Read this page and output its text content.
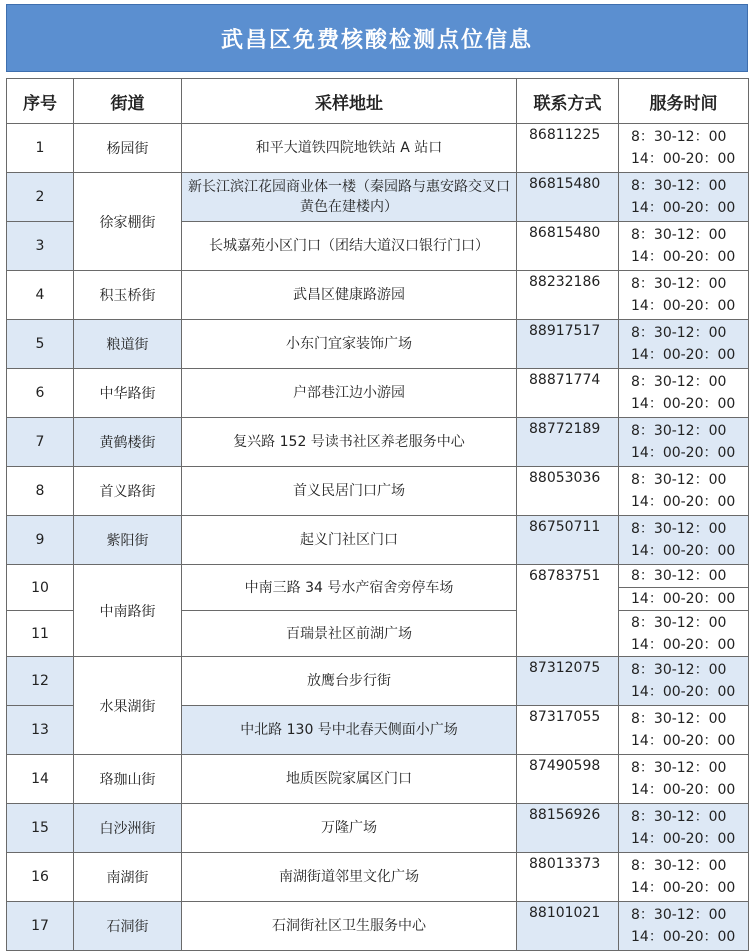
武昌区免费核酸检测点位信息
序号	街道	采样地址	联系方式	服务时间
1	杨园街	和平大道铁四院地铁站 A 站口	86811225	8：30-12：00
14：00-20：00

2	徐家棚街	新长江滨江花园商业体一楼（秦园路与惠安路交叉口黄色在建楼内）	86815480	8：30-12：00
14：00-20：00

3		长城嘉苑小区门口（团结大道汉口银行门口）	86815480	8：30-12：00
14：00-20：00

4	积玉桥街	武昌区健康路游园	88232186	8：30-12：00
14：00-20：00

5	粮道街	小东门宜家装饰广场	88917517	8：30-12：00
14：00-20：00

6	中华路街	户部巷江边小游园	88871774	8：30-12：00
14：00-20：00

7	黄鹤楼街	复兴路 152 号读书社区养老服务中心	88772189	8：30-12：00
14：00-20：00

8	首义路街	首义民居门口广场	88053036	8：30-12：00
14：00-20：00

9	紫阳街	起义门社区门口	86750711	8：30-12：00
14：00-20：00

10	中南路街	中南三路 34 号水产宿舍旁停车场	68783751	8：30-12：00
14：00-20：00

11		百瑞景社区前湖广场		8：30-12：00
14：00-20：00

12	水果湖街	放鹰台步行街	87312075	8：30-12：00
14：00-20：00

13		中北路 130 号中北春天侧面小广场	87317055	8：30-12：00
14：00-20：00

14	珞珈山街	地质医院家属区门口	87490598	8：30-12：00
14：00-20：00

15	白沙洲街	万隆广场	88156926	8：30-12：00
14：00-20：00

16	南湖街	南湖街道邻里文化广场	88013373	8：30-12：00
14：00-20：00

17	石洞街	石洞街社区卫生服务中心	88101021	8：30-12：00
14：00-20：00
